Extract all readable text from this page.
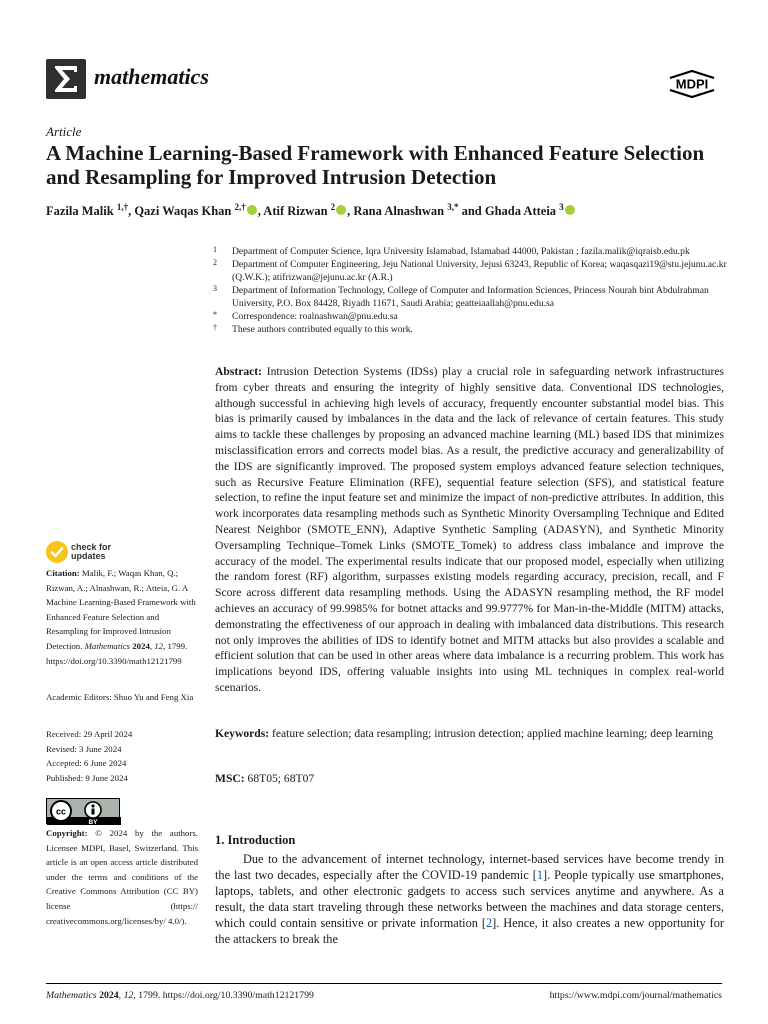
mathematics	MDPI
Article
A Machine Learning-Based Framework with Enhanced Feature Selection and Resampling for Improved Intrusion Detection
Fazila Malik $^{1,\dagger}$, Qazi Waqas Khan $^{2,\dagger}$ , Atif Rizwan $^2$ , Rana Alnashwan $^{3,*}$ and Ghada Atteia $^3$
1 Department of Computer Science, Iqra University Islamabad, Islamabad 44000, Pakistan ; fazila.malik@iqraisb.edu.pk
2 Department of Computer Engineering, Jeju National University, Jejusi 63243, Republic of Korea; waqasqazi19@stu.jejunu.ac.kr (Q.W.K.); atifrizwan@jejunu.ac.kr (A.R.)
3 Department of Information Technology, College of Computer and Information Sciences, Princess Nourah bint Abdulrahman University, P.O. Box 84428, Riyadh 11671, Saudi Arabia; geatteiaallah@pnu.edu.sa
* Correspondence: roalnashwan@pnu.edu.sa
† These authors contributed equally to this work.
Abstract: Intrusion Detection Systems (IDSs) play a crucial role in safeguarding network infrastructures from cyber threats and ensuring the integrity of highly sensitive data. Conventional IDS technologies, although successful in achieving high levels of accuracy, frequently encounter substantial model bias. This bias is primarily caused by imbalances in the data and the lack of relevance of certain features. This study aims to tackle these challenges by proposing an advanced machine learning (ML) based IDS that minimizes misclassification errors and corrects model bias. As a result, the predictive accuracy and generalizability of the IDS are significantly improved. The proposed system employs advanced feature selection techniques, such as Recursive Feature Elimination (RFE), sequential feature selection (SFS), and statistical feature selection, to refine the input feature set and minimize the impact of non-predictive attributes. In addition, this work incorporates data resampling methods such as Synthetic Minority Oversampling Technique and Edited Nearest Neighbor (SMOTE_ENN), Adaptive Synthetic Sampling (ADASYN), and Synthetic Minority Oversampling Technique–Tomek Links (SMOTE_Tomek) to address class imbalance and improve the accuracy of the model. The experimental results indicate that our proposed model, especially when utilizing the random forest (RF) algorithm, surpasses existing models regarding accuracy, precision, recall, and F Score across different data resampling methods. Using the ADASYN resampling method, the RF model achieves an accuracy of 99.9985% for botnet attacks and 99.9777% for Man-in-the-Middle (MITM) attacks, demonstrating the effectiveness of our approach in dealing with imbalanced data distributions. This research not only improves the abilities of IDS to identify botnet and MITM attacks but also provides a scalable and efficient solution that can be used in other areas where data imbalance is a recurring problem. This work has implications beyond IDS, offering valuable insights into using ML techniques in complex real-world scenarios.
Keywords: feature selection; data resampling; intrusion detection; applied machine learning; deep learning
MSC: 68T05; 68T07
check for
updates
Citation: Malik, F.; Waqas Khan, Q.; Rizwan, A.; Alnashwan, R.; Atteia, G. A Machine Learning-Based Framework with Enhanced Feature Selection and Resampling for Improved Intrusion Detection. Mathematics 2024, 12, 1799. https://doi.org/10.3390/math12121799
Academic Editors: Shuo Yu and Feng Xia
Received: 29 April 2024
Revised: 3 June 2024
Accepted: 6 June 2024
Published: 9 June 2024
cc
BY
Copyright: © 2024 by the authors. Licensee MDPI, Basel, Switzerland. This article is an open access article distributed under the terms and conditions of the Creative Commons Attribution (CC BY) license (https:// creativecommons.org/licenses/by/ 4.0/).
1. Introduction

Due to the advancement of internet technology, internet-based services have become trendy in the last two decades, especially after the COVID-19 pandemic [1]. People typically use smartphones, laptops, tablets, and other electronic gadgets to access such services anytime and anywhere. As a result, the data start traveling through these networks between the machines and data storage centers, which could contain sensitive or private information [2]. Hence, it also creates a new opportunity for the attackers to break the

Mathematics 2024, 12, 1799. https://doi.org/10.3390/math12121799	https://www.mdpi.com/journal/mathematics
